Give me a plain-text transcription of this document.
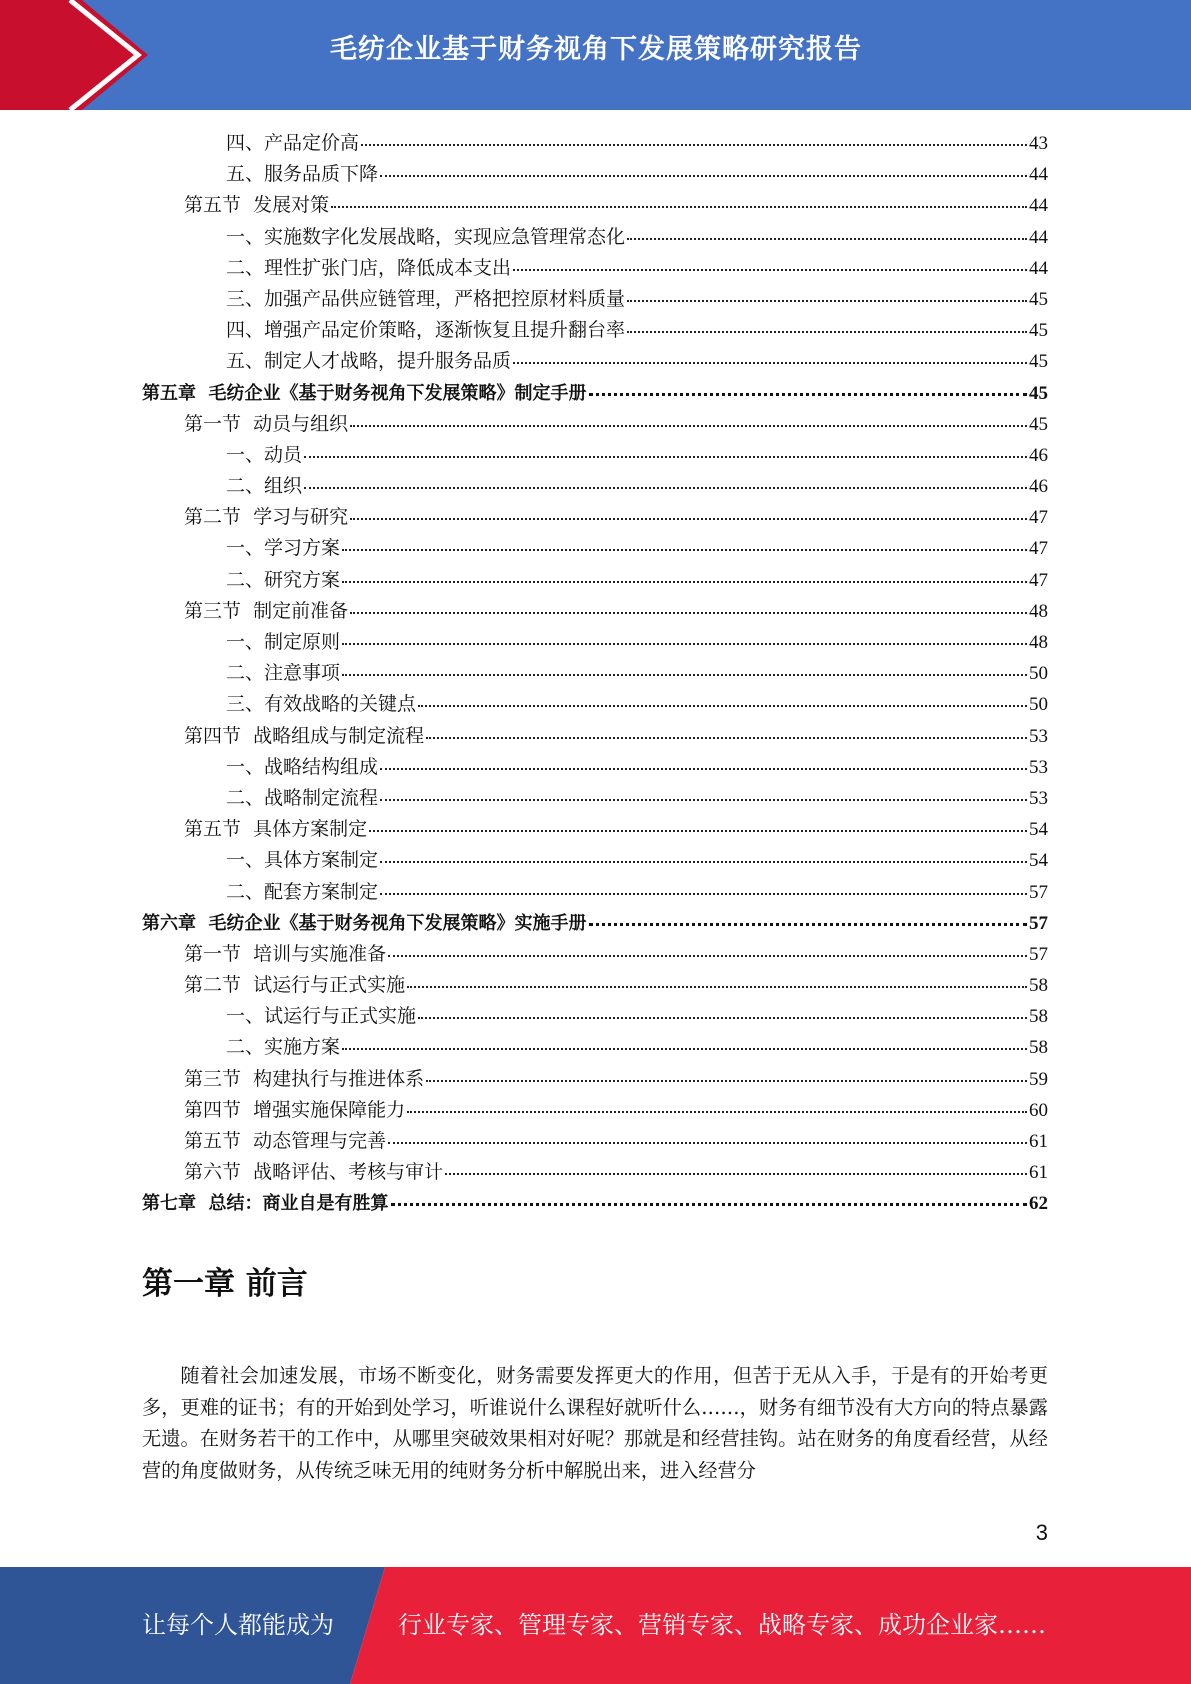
毛纺企业基于财务视角下发展策略研究报告
四、产品定价高	43
五、服务品质下降	44
第五节  发展对策	44
一、实施数字化发展战略，实现应急管理常态化	44
二、理性扩张门店，降低成本支出	44
三、加强产品供应链管理，严格把控原材料质量	45
四、增强产品定价策略，逐渐恢复且提升翻台率	45
五、制定人才战略，提升服务品质	45
第五章  毛纺企业《基于财务视角下发展策略》制定手册	45
第一节  动员与组织	45
一、动员	46
二、组织	46
第二节  学习与研究	47
一、学习方案	47
二、研究方案	47
第三节  制定前准备	48
一、制定原则	48
二、注意事项	50
三、有效战略的关键点	50
第四节  战略组成与制定流程	53
一、战略结构组成	53
二、战略制定流程	53
第五节  具体方案制定	54
一、具体方案制定	54
二、配套方案制定	57
第六章  毛纺企业《基于财务视角下发展策略》实施手册	57
第一节  培训与实施准备	57
第二节  试运行与正式实施	58
一、试运行与正式实施	58
二、实施方案	58
第三节  构建执行与推进体系	59
第四节  增强实施保障能力	60
第五节  动态管理与完善	61
第六节  战略评估、考核与审计	61
第七章  总结：商业自是有胜算	62
第一章 前言

随着社会加速发展，市场不断变化，财务需要发挥更大的作用，但苦于无从入手，于是有的开始考更多，更难的证书；有的开始到处学习，听谁说什么课程好就听什么……，财务有细节没有大方向的特点暴露无遗。在财务若干的工作中，从哪里突破效果相对好呢？那就是和经营挂钩。站在财务的角度看经营，从经营的角度做财务，从传统乏味无用的纯财务分析中解脱出来，进入经营分

3
让每个人都能成为	行业专家、管理专家、营销专家、战略专家、成功企业家……
